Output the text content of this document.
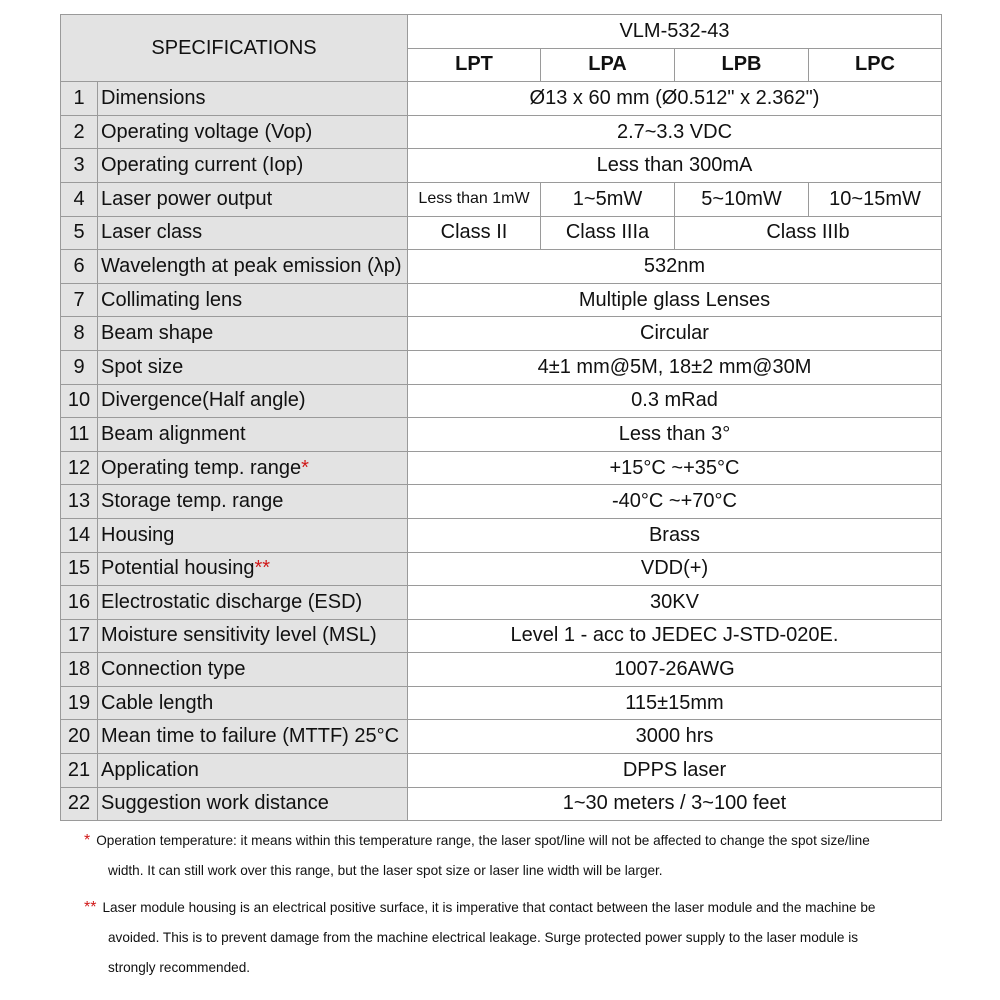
SPECIFICATIONS		VLM-532-43			
		LPT	LPA	LPB	LPC
1	Dimensions	Ø13 x 60 mm (Ø0.512" x 2.362")			
2	Operating voltage (Vop)	2.7~3.3 VDC			
3	Operating current (Iop)	Less than 300mA			
4	Laser power output	Less than 1mW	1~5mW	5~10mW	10~15mW
5	Laser class	Class II	Class IIIa	Class IIIb	
6	Wavelength at peak emission (λp)	532nm			
7	Collimating lens	Multiple glass Lenses			
8	Beam shape	Circular			
9	Spot size	4±1 mm@5M, 18±2 mm@30M			
10	Divergence(Half angle)	0.3 mRad			
11	Beam alignment	Less than 3°			
12	Operating temp. range*	+15°C ~+35°C			
13	Storage temp. range	-40°C ~+70°C			
14	Housing	Brass			
15	Potential housing**	VDD(+)			
16	Electrostatic discharge (ESD)	30KV			
17	Moisture sensitivity level (MSL)	Level 1 - acc to JEDEC J-STD-020E.			
18	Connection type	1007-26AWG			
19	Cable length	115±15mm			
20	Mean time to failure (MTTF) 25°C	3000 hrs			
21	Application	DPPS laser			
22	Suggestion work distance	1~30 meters / 3~100 feet			
* Operation temperature: it means within this temperature range, the laser spot/line will not be affected to change the spot size/line
width. It can still work over this range, but the laser spot size or laser line width will be larger.
** Laser module housing is an electrical positive surface, it is imperative that contact between the laser module and the machine be
avoided. This is to prevent damage from the machine electrical leakage. Surge protected power supply to the laser module is
strongly recommended.
